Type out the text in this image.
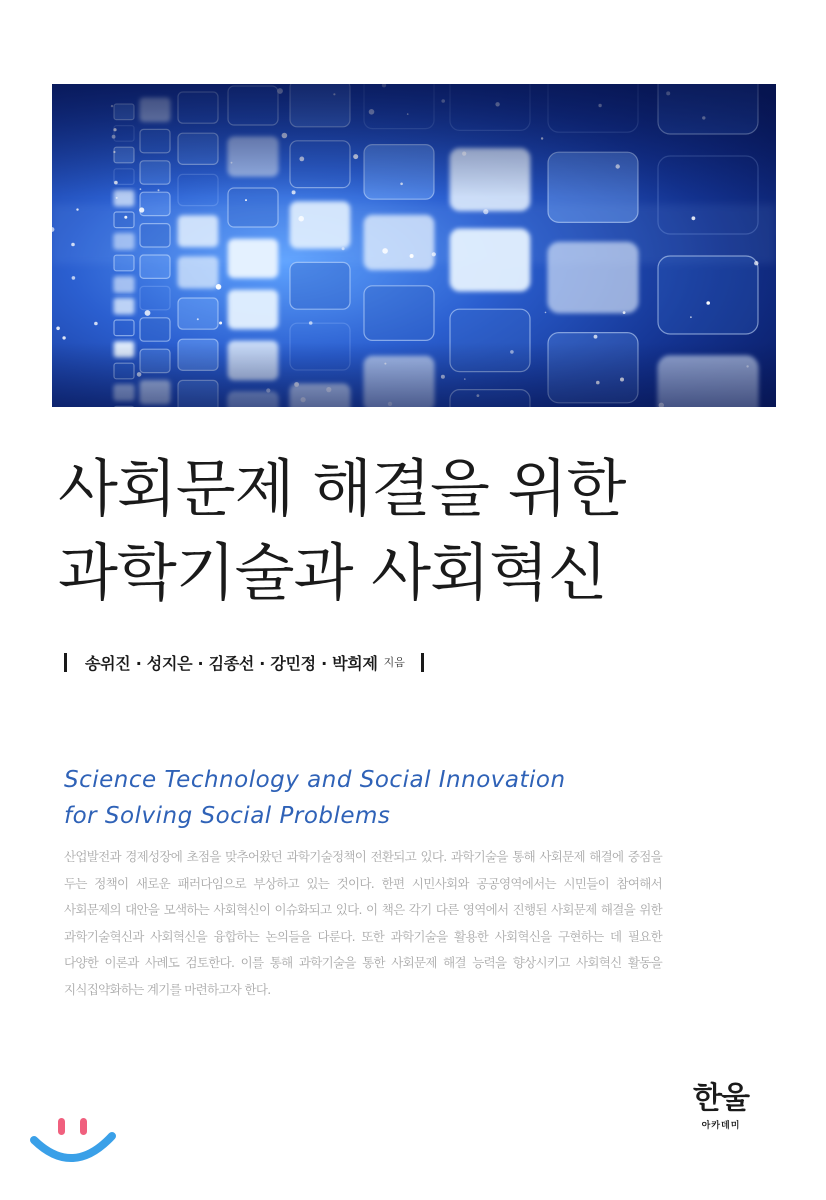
사회문제 해결을 위한
과학기술과 사회혁신
송위진 · 성지은 · 김종선 · 강민정 · 박희제 지음
Science Technology and Social Innovation
for Solving Social Problems
산업발전과 경제성장에 초점을 맞추어왔던 과학기술정책이 전환되고 있다. 과학기술을 통해 사회문제 해결에 중점을 두는 정책이 새로운 패러다임으로 부상하고 있는 것이다. 한편 시민사회와 공공영역에서는 시민들이 참여해서 사회문제의 대안을 모색하는 사회혁신이 이슈화되고 있다. 이 책은 각기 다른 영역에서 진행된 사회문제 해결을 위한 과학기술혁신과 사회혁신을 융합하는 논의들을 다룬다. 또한 과학기술을 활용한 사회혁신을 구현하는 데 필요한 다양한 이론과 사례도 검토한다. 이를 통해 과학기술을 통한 사회문제 해결 능력을 향상시키고 사회혁신 활동을 지식집약화하는 계기를 마련하고자 한다.
한울
아카데미
